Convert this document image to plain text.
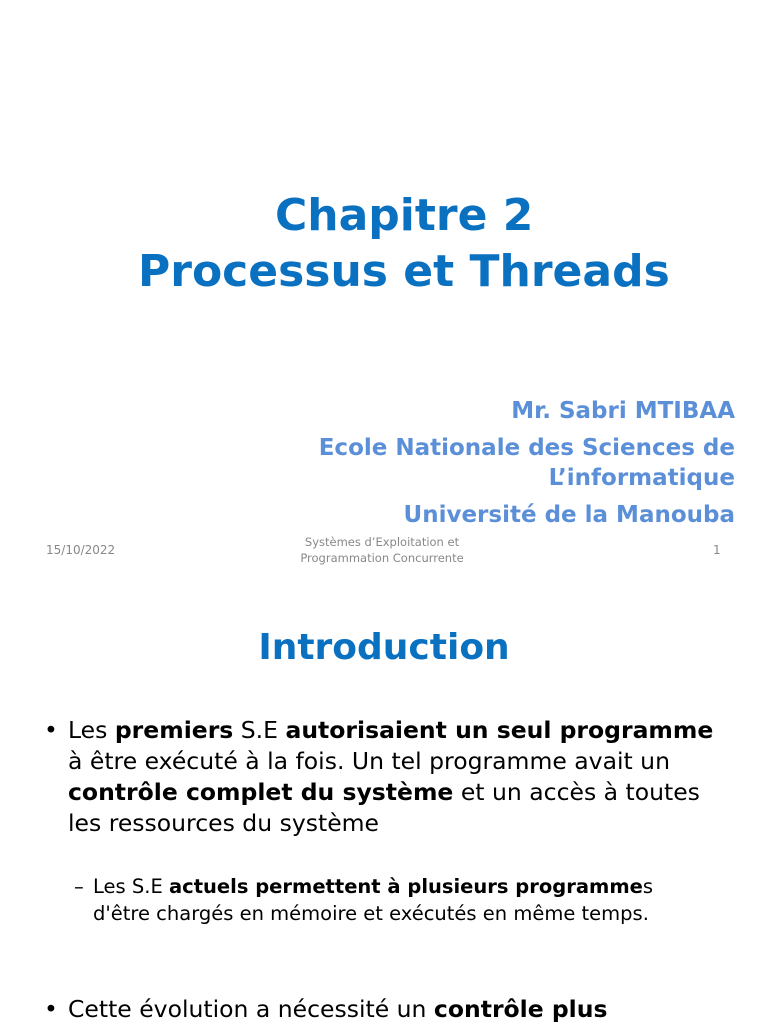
Chapitre 2
Processus et Threads
Mr. Sabri MTIBAA
Ecole Nationale des Sciences de L’informatique
Université de la Manouba
15/10/2022
Systèmes d’Exploitation et
Programmation Concurrente
1
Introduction
• Les premiers S.E autorisaient un seul programme à être exécuté à la fois. Un tel programme avait un contrôle complet du système et un accès à toutes les ressources du système
– Les S.E actuels permettent à plusieurs programmes d'être chargés en mémoire et exécutés en même temps.
• Cette évolution a nécessité un contrôle plus
